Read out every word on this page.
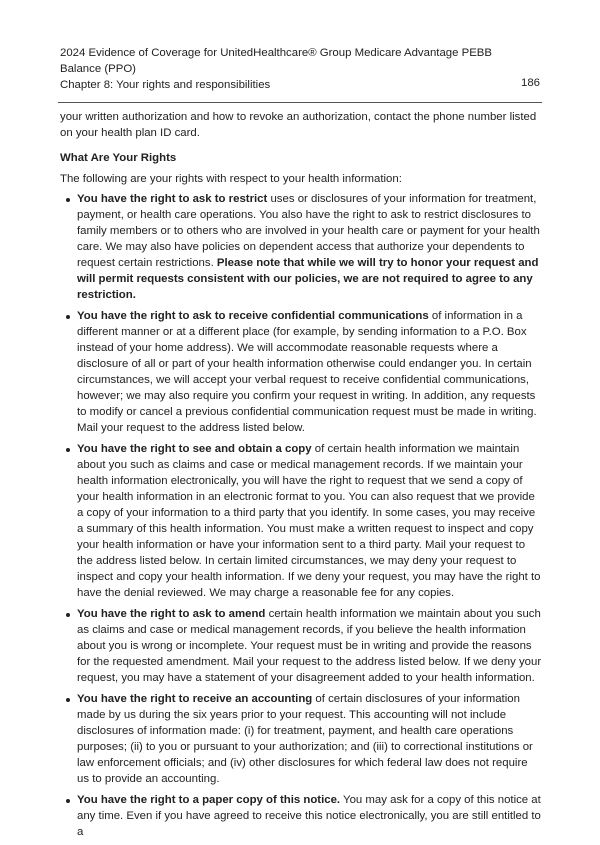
2024 Evidence of Coverage for UnitedHealthcare® Group Medicare Advantage PEBB Balance (PPO)
Chapter 8: Your rights and responsibilities	186

your written authorization and how to revoke an authorization, contact the phone number listed on your health plan ID card.

What Are Your Rights

The following are your rights with respect to your health information:

You have the right to ask to restrict uses or disclosures of your information for treatment, payment, or health care operations. You also have the right to ask to restrict disclosures to family members or to others who are involved in your health care or payment for your health care. We may also have policies on dependent access that authorize your dependents to request certain restrictions. Please note that while we will try to honor your request and will permit requests consistent with our policies, we are not required to agree to any restriction.
You have the right to ask to receive confidential communications of information in a different manner or at a different place (for example, by sending information to a P.O. Box instead of your home address). We will accommodate reasonable requests where a disclosure of all or part of your health information otherwise could endanger you. In certain circumstances, we will accept your verbal request to receive confidential communications, however; we may also require you confirm your request in writing. In addition, any requests to modify or cancel a previous confidential communication request must be made in writing. Mail your request to the address listed below.
You have the right to see and obtain a copy of certain health information we maintain about you such as claims and case or medical management records. If we maintain your health information electronically, you will have the right to request that we send a copy of your health information in an electronic format to you. You can also request that we provide a copy of your information to a third party that you identify. In some cases, you may receive a summary of this health information. You must make a written request to inspect and copy your health information or have your information sent to a third party. Mail your request to the address listed below. In certain limited circumstances, we may deny your request to inspect and copy your health information. If we deny your request, you may have the right to have the denial reviewed. We may charge a reasonable fee for any copies.
You have the right to ask to amend certain health information we maintain about you such as claims and case or medical management records, if you believe the health information about you is wrong or incomplete. Your request must be in writing and provide the reasons for the requested amendment. Mail your request to the address listed below. If we deny your request, you may have a statement of your disagreement added to your health information.
You have the right to receive an accounting of certain disclosures of your information made by us during the six years prior to your request. This accounting will not include disclosures of information made: (i) for treatment, payment, and health care operations purposes; (ii) to you or pursuant to your authorization; and (iii) to correctional institutions or law enforcement officials; and (iv) other disclosures for which federal law does not require us to provide an accounting.
You have the right to a paper copy of this notice. You may ask for a copy of this notice at any time. Even if you have agreed to receive this notice electronically, you are still entitled to a
